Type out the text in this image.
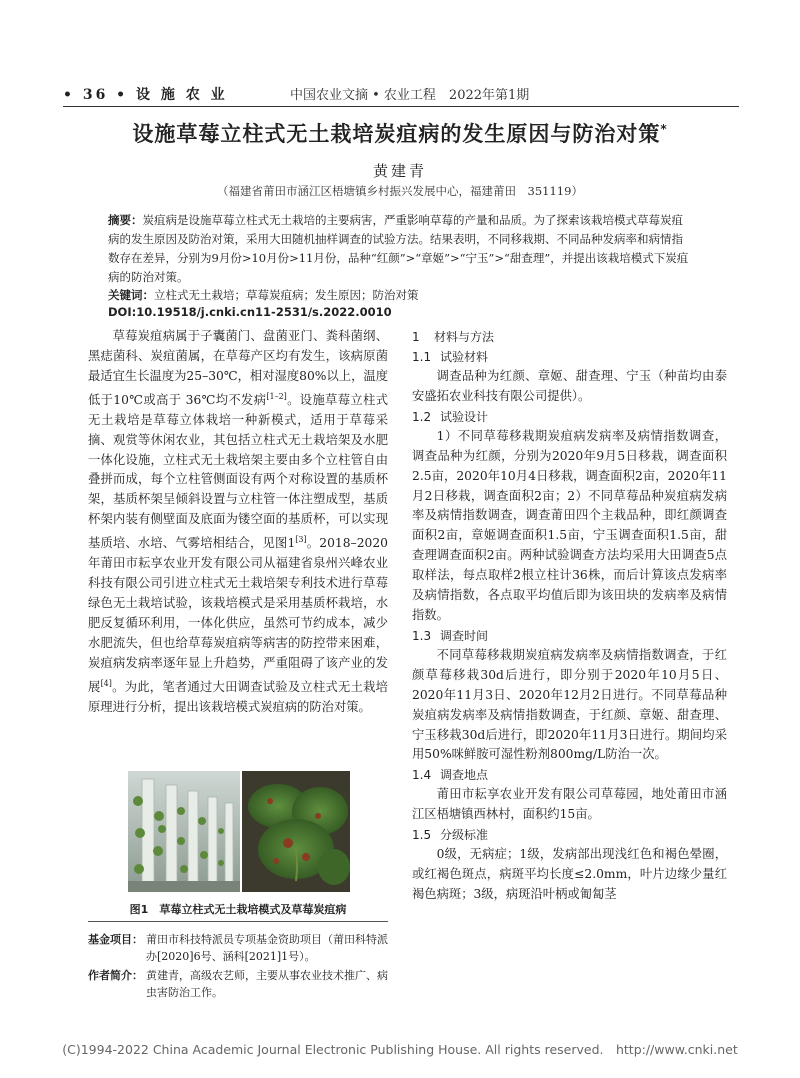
• 36 • 设 施 农 业	中国农业文摘 • 农业工程　2022年第1期
设施草莓立柱式无土栽培炭疽病的发生原因与防治对策*
黄建青
（福建省莆田市涵江区梧塘镇乡村振兴发展中心，福建莆田　351119）
摘要：炭疽病是设施草莓立柱式无土栽培的主要病害，严重影响草莓的产量和品质。为了探索该栽培模式草莓炭疽病的发生原因及防治对策，采用大田随机抽样调查的试验方法。结果表明，不同移栽期、不同品种发病率和病情指数存在差异，分别为9月份>10月份>11月份，品种“红颜”>“章姬”>“宁玉”>“甜查理”，并提出该栽培模式下炭疽病的防治对策。
关键词：立柱式无土栽培；草莓炭疽病；发生原因；防治对策
DOI:10.19518/j.cnki.cn11-2531/s.2022.0010

草莓炭疽病属于子囊菌门、盘菌亚门、粪科菌纲、黑痣菌科、炭疽菌属，在草莓产区均有发生，该病原菌最适宜生长温度为25–30℃，相对湿度80%以上，温度低于10℃或高于 36℃均不发病[1–2]。设施草莓立柱式无土栽培是草莓立体栽培一种新模式，适用于草莓采摘、观赏等休闲农业，其包括立柱式无土栽培架及水肥一体化设施，立柱式无土栽培架主要由多个立柱管自由叠拼而成，每个立柱管侧面设有两个对称设置的基质杯架，基质杯架呈倾斜设置与立柱管一体注塑成型，基质杯架内装有侧壁面及底面为镂空面的基质杯，可以实现基质培、水培、气雾培相结合，见图1[3]。2018–2020年莆田市耘享农业开发有限公司从福建省泉州兴峰农业科技有限公司引进立柱式无土栽培架专利技术进行草莓绿色无土栽培试验，该栽培模式是采用基质杯栽培，水肥反复循环利用，一体化供应，虽然可节约成本，减少水肥流失，但也给草莓炭疽病等病害的防控带来困难，炭疽病发病率逐年显上升趋势，严重阻碍了该产业的发展[4]。为此，笔者通过大田调查试验及立柱式无土栽培原理进行分析，提出该栽培模式炭疽病的防治对策。

图1　草莓立柱式无土栽培模式及草莓炭疽病
基金项目： 莆田市科技特派员专项基金资助项目（莆田科特派办[2020]6号、涵科[2021]1号）。
作者简介： 黄建青，高级农艺师，主要从事农业技术推广、病虫害防治工作。
1 材料与方法
1.1 试验材料

调查品种为红颜、章姬、甜查理、宁玉（种苗均由泰安盛拓农业科技有限公司提供）。

1.2 试验设计

1）不同草莓移栽期炭疽病发病率及病情指数调查，调查品种为红颜，分别为2020年9月5日移栽，调查面积2.5亩，2020年10月4日移栽，调查面积2亩，2020年11月2日移栽，调查面积2亩；2）不同草莓品种炭疽病发病率及病情指数调查，调查莆田四个主栽品种，即红颜调查面积2亩，章姬调查面积1.5亩，宁玉调查面积1.5亩，甜查理调查面积2亩。两种试验调查方法均采用大田调查5点取样法，每点取样2根立柱计36株，而后计算该点发病率及病情指数，各点取平均值后即为该田块的发病率及病情指数。

1.3 调查时间

不同草莓移栽期炭疽病发病率及病情指数调查，于红颜草莓移栽30d后进行，即分别于2020年10月5日、2020年11月3日、2020年12月2日进行。不同草莓品种炭疽病发病率及病情指数调查，于红颜、章姬、甜查理、宁玉移栽30d后进行，即2020年11月3日进行。期间均采用50%咪鲜胺可湿性粉剂800mg/L防治一次。

1.4 调查地点

莆田市耘享农业开发有限公司草莓园，地处莆田市涵江区梧塘镇西林村，面积约15亩。

1.5 分级标准

0级，无病症；1级，发病部出现浅红色和褐色晕圈，或红褐色斑点，病斑平均长度≤2.0mm，叶片边缘少量红褐色病斑；3级，病斑沿叶柄或匍匐茎

(C)1994-2022 China Academic Journal Electronic Publishing House. All rights reserved.　http://www.cnki.net
